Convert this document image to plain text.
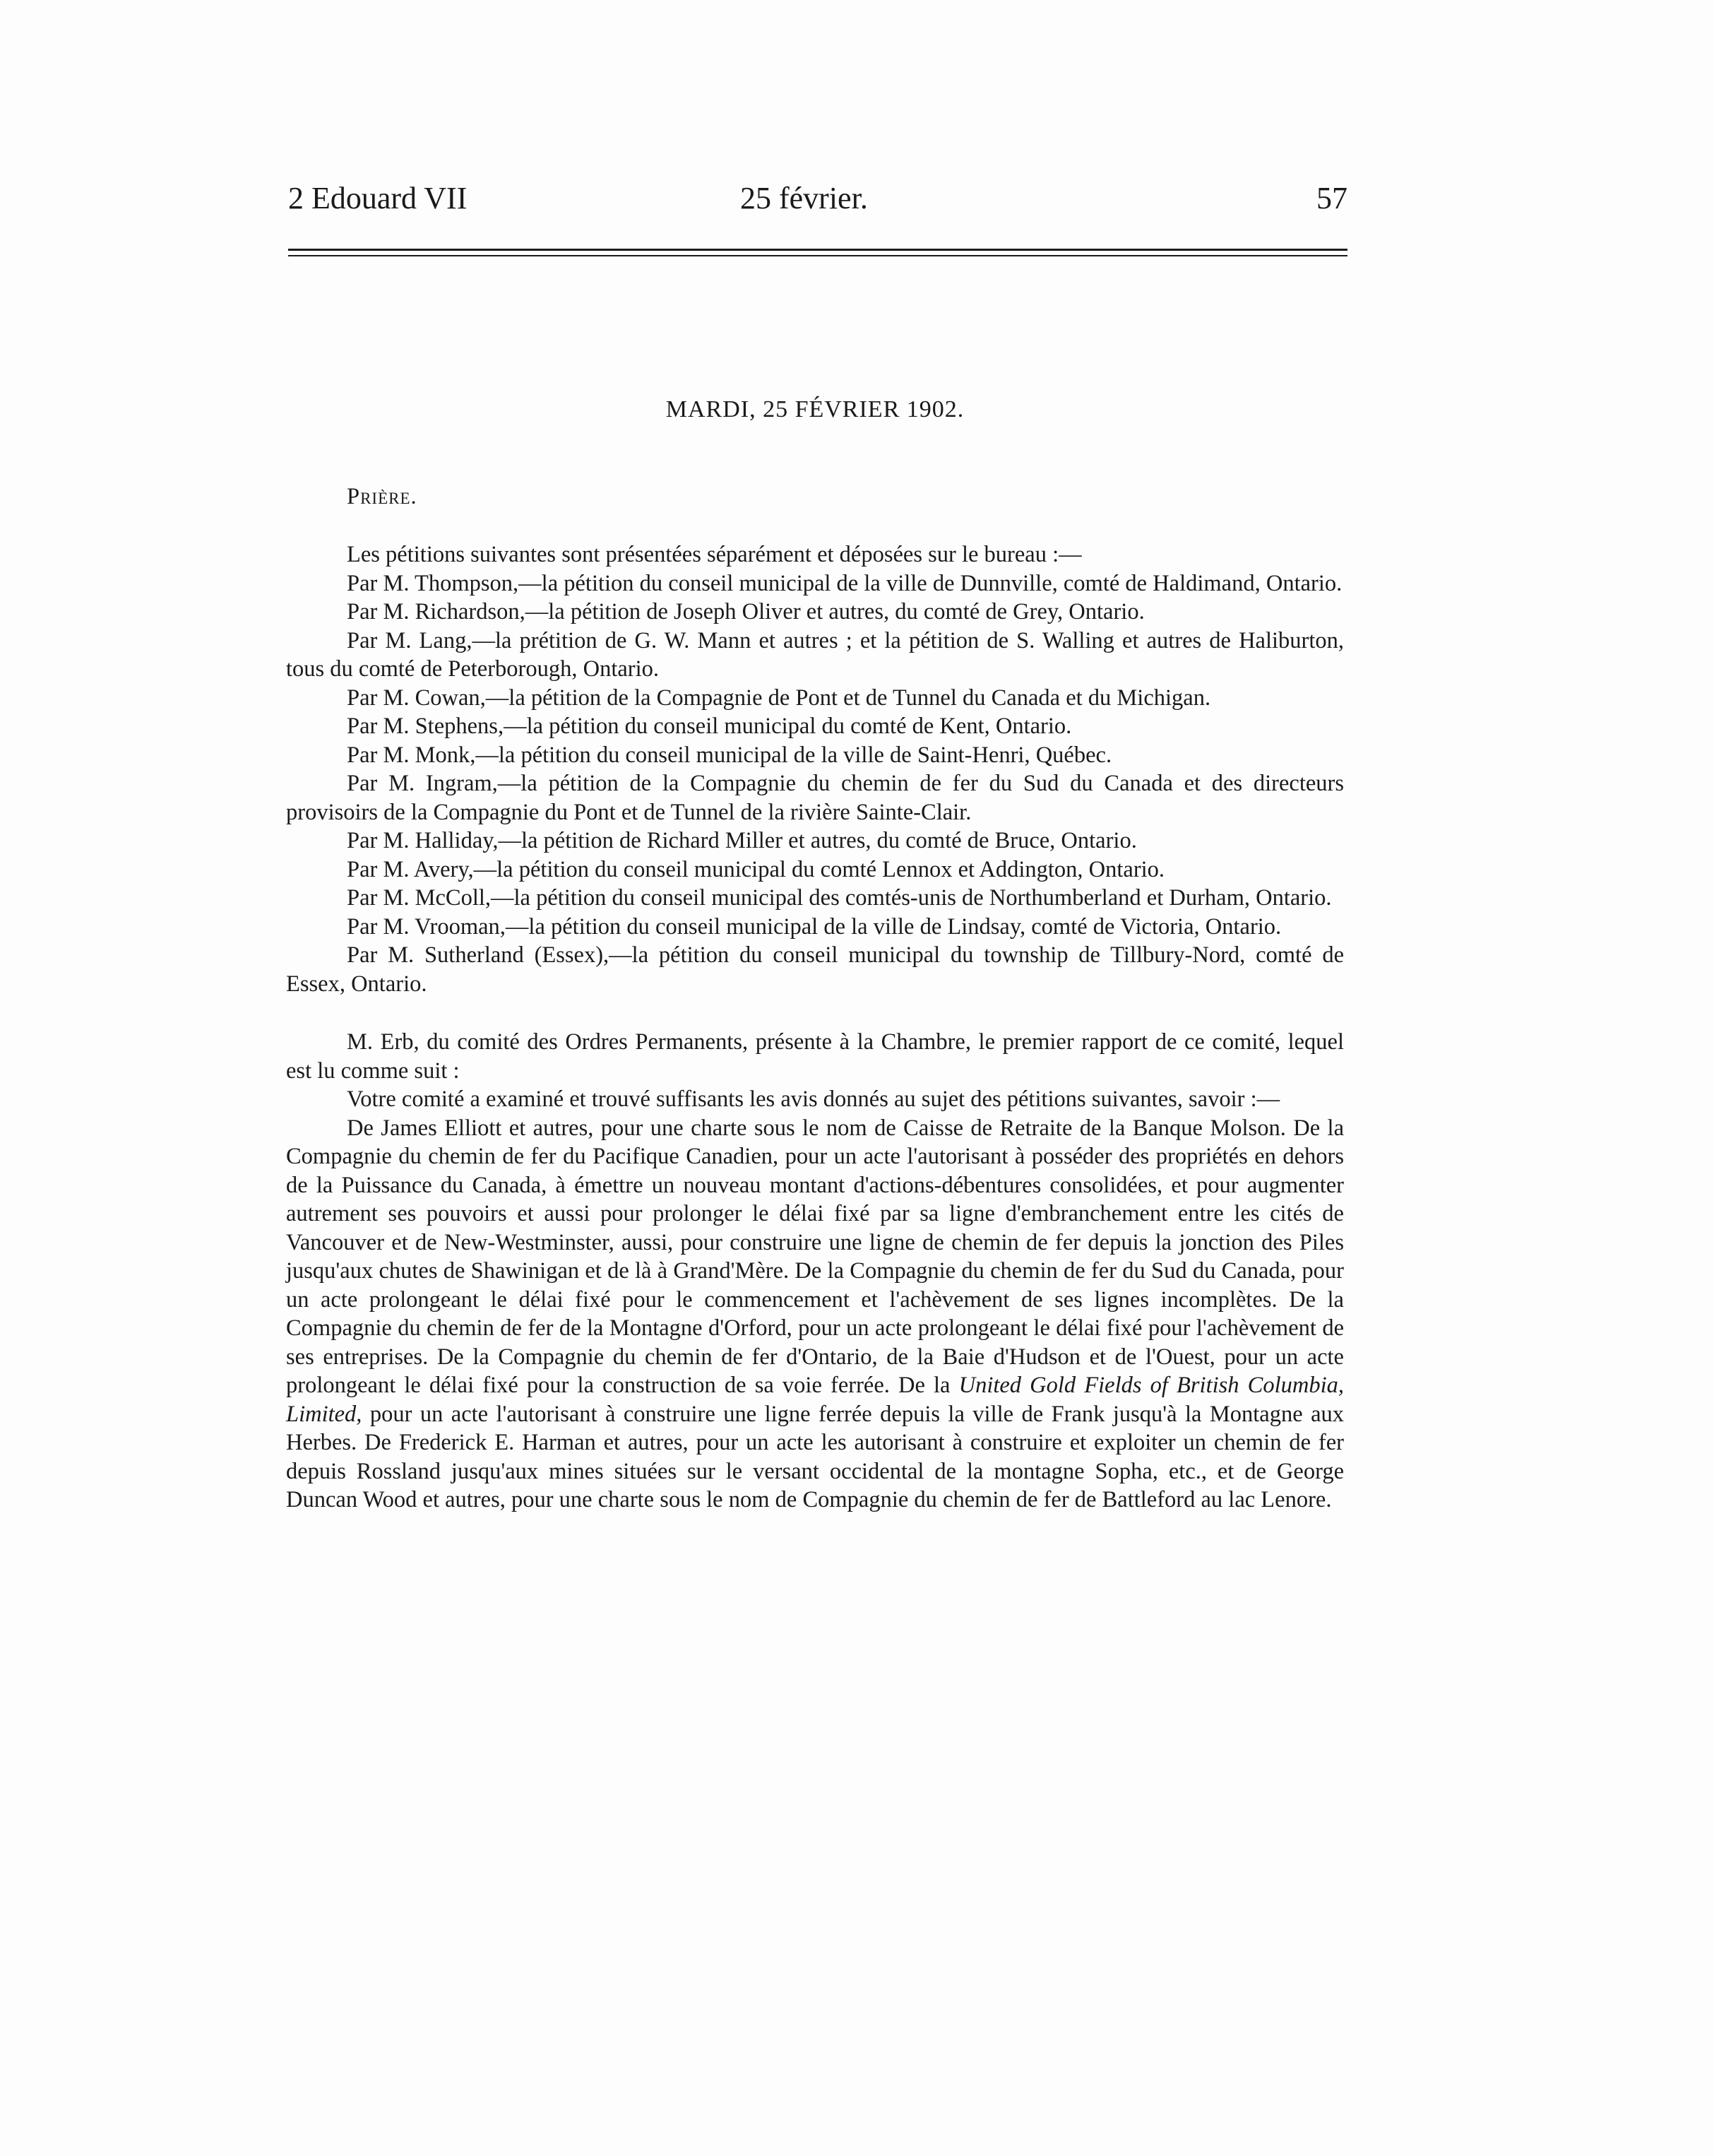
2 Edouard VII	25 février.	57
MARDI, 25 FÉVRIER 1902.
Prière.

Les pétitions suivantes sont présentées séparément et déposées sur le bureau :—

Par M. Thompson,—la pétition du conseil municipal de la ville de Dunnville, comté de Haldimand, Ontario.

Par M. Richardson,—la pétition de Joseph Oliver et autres, du comté de Grey, Ontario.

Par M. Lang,—la prétition de G. W. Mann et autres ; et la pétition de S. Walling et autres de Haliburton, tous du comté de Peterborough, Ontario.

Par M. Cowan,—la pétition de la Compagnie de Pont et de Tunnel du Canada et du Michigan.

Par M. Stephens,—la pétition du conseil municipal du comté de Kent, Ontario.

Par M. Monk,—la pétition du conseil municipal de la ville de Saint-Henri, Québec.

Par M. Ingram,—la pétition de la Compagnie du chemin de fer du Sud du Canada et des directeurs provisoirs de la Compagnie du Pont et de Tunnel de la rivière Sainte-Clair.

Par M. Halliday,—la pétition de Richard Miller et autres, du comté de Bruce, Ontario.

Par M. Avery,—la pétition du conseil municipal du comté Lennox et Addington, Ontario.

Par M. McColl,—la pétition du conseil municipal des comtés-unis de Northumberland et Durham, Ontario.

Par M. Vrooman,—la pétition du conseil municipal de la ville de Lindsay, comté de Victoria, Ontario.

Par M. Sutherland (Essex),—la pétition du conseil municipal du township de Tillbury-Nord, comté de Essex, Ontario.

M. Erb, du comité des Ordres Permanents, présente à la Chambre, le premier rapport de ce comité, lequel est lu comme suit :

Votre comité a examiné et trouvé suffisants les avis donnés au sujet des pétitions suivantes, savoir :—

De James Elliott et autres, pour une charte sous le nom de Caisse de Retraite de la Banque Molson. De la Compagnie du chemin de fer du Pacifique Canadien, pour un acte l'autorisant à posséder des propriétés en dehors de la Puissance du Canada, à émettre un nouveau montant d'actions-débentures consolidées, et pour augmenter autrement ses pouvoirs et aussi pour prolonger le délai fixé par sa ligne d'embranchement entre les cités de Vancouver et de New-Westminster, aussi, pour construire une ligne de chemin de fer depuis la jonction des Piles jusqu'aux chutes de Shawinigan et de là à Grand'Mère. De la Compagnie du chemin de fer du Sud du Canada, pour un acte prolongeant le délai fixé pour le commencement et l'achèvement de ses lignes incomplètes. De la Compagnie du chemin de fer de la Montagne d'Orford, pour un acte prolongeant le délai fixé pour l'achèvement de ses entreprises. De la Compagnie du chemin de fer d'Ontario, de la Baie d'Hudson et de l'Ouest, pour un acte prolongeant le délai fixé pour la construction de sa voie ferrée. De la United Gold Fields of British Columbia, Limited, pour un acte l'autorisant à construire une ligne ferrée depuis la ville de Frank jusqu'à la Montagne aux Herbes. De Frederick E. Harman et autres, pour un acte les autorisant à construire et exploiter un chemin de fer depuis Rossland jusqu'aux mines situées sur le versant occidental de la montagne Sopha, etc., et de George Duncan Wood et autres, pour une charte sous le nom de Compagnie du chemin de fer de Battleford au lac Lenore.
